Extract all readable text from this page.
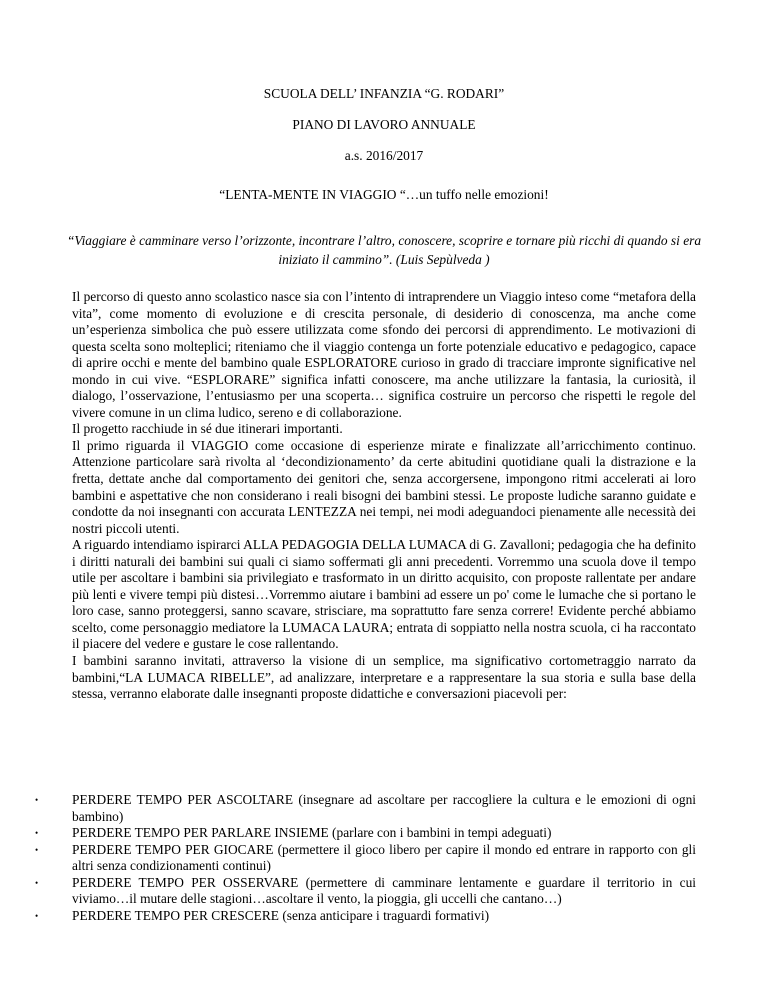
SCUOLA DELL’ INFANZIA “G. RODARI”
PIANO DI LAVORO ANNUALE
a.s. 2016/2017
“LENTA-MENTE IN VIAGGIO “…un tuffo nelle emozioni!
“Viaggiare è camminare verso l’orizzonte, incontrare l’altro, conoscere, scoprire e tornare più ricchi di quando si era iniziato il cammino”. (Luis Sepùlveda )

Il percorso di questo anno scolastico nasce sia con l’intento di intraprendere un Viaggio inteso come “metafora della vita”, come momento di evoluzione e di crescita personale, di desiderio di conoscenza, ma anche come un’esperienza simbolica che può essere utilizzata come sfondo dei percorsi di apprendimento. Le motivazioni di questa scelta sono molteplici; riteniamo che il viaggio contenga un forte potenziale educativo e pedagogico, capace di aprire occhi e mente del bambino quale ESPLORATORE curioso in grado di tracciare impronte significative nel mondo in cui vive. “ESPLORARE” significa infatti conoscere, ma anche utilizzare la fantasia, la curiosità, il dialogo, l’osservazione, l’entusiasmo per una scoperta… significa costruire un percorso che rispetti le regole del vivere comune in un clima ludico, sereno e di collaborazione.

Il progetto racchiude in sé due itinerari importanti.

Il primo riguarda il VIAGGIO come occasione di esperienze mirate e finalizzate all’arricchimento continuo. Attenzione particolare sarà rivolta al ‘decondizionamento’ da certe abitudini quotidiane quali la distrazione e la fretta, dettate anche dal comportamento dei genitori che, senza accorgersene, impongono ritmi accelerati ai loro bambini e aspettative che non considerano i reali bisogni dei bambini stessi. Le proposte ludiche saranno guidate e condotte da noi insegnanti con accurata LENTEZZA nei tempi, nei modi adeguandoci pienamente alle necessità dei nostri piccoli utenti.

A riguardo intendiamo ispirarci ALLA PEDAGOGIA DELLA LUMACA di G. Zavalloni; pedagogia che ha definito i diritti naturali dei bambini sui quali ci siamo soffermati gli anni precedenti. Vorremmo una scuola dove il tempo utile per ascoltare i bambini sia privilegiato e trasformato in un diritto acquisito, con proposte rallentate per andare più lenti e vivere tempi più distesi…Vorremmo aiutare i bambini ad essere un po' come le lumache che si portano le loro case, sanno proteggersi, sanno scavare, strisciare, ma soprattutto fare senza correre! Evidente perché abbiamo scelto, come personaggio mediatore la LUMACA LAURA; entrata di soppiatto nella nostra scuola, ci ha raccontato il piacere del vedere e gustare le cose rallentando.

I bambini saranno invitati, attraverso la visione di un semplice, ma significativo cortometraggio narrato da bambini,“LA LUMACA RIBELLE”, ad analizzare, interpretare e a rappresentare la sua storia e sulla base della stessa, verranno elaborate dalle insegnanti proposte didattiche e conversazioni piacevoli per:

•	PERDERE TEMPO PER ASCOLTARE (insegnare ad ascoltare per raccogliere la cultura e le emozioni di ogni bambino)
•	PERDERE TEMPO PER PARLARE INSIEME (parlare con i bambini in tempi adeguati)
•	PERDERE TEMPO PER GIOCARE (permettere il gioco libero per capire il mondo ed entrare in rapporto con gli altri senza condizionamenti continui)
•	PERDERE TEMPO PER OSSERVARE (permettere di camminare lentamente e guardare il territorio in cui viviamo…il mutare delle stagioni…ascoltare il vento, la pioggia, gli uccelli che cantano…)
•	PERDERE TEMPO PER CRESCERE (senza anticipare i traguardi formativi)
